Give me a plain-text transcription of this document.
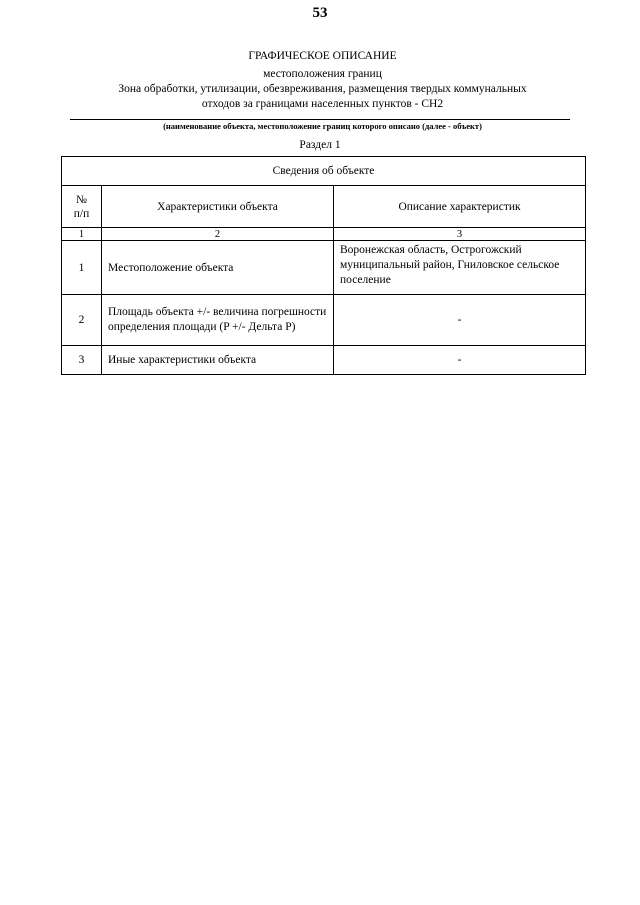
53
ГРАФИЧЕСКОЕ ОПИСАНИЕ
местоположения границ
Зона обработки, утилизации, обезвреживания, размещения твердых коммунальных
отходов за границами населенных пунктов - СН2
(наименование объекта, местоположение границ которого описано (далее - объект)
Раздел 1
Сведения об объекте		

№
п/п	Характеристики объекта	Описание характеристик
1	2	3
1	Местоположение объекта	Воронежская область, Острогожский муниципальный район, Гниловское сельское поселение
2	Площадь объекта +/- величина погрешности определения площади (P +/- Дельта P)	-
3	Иные характеристики объекта	-
